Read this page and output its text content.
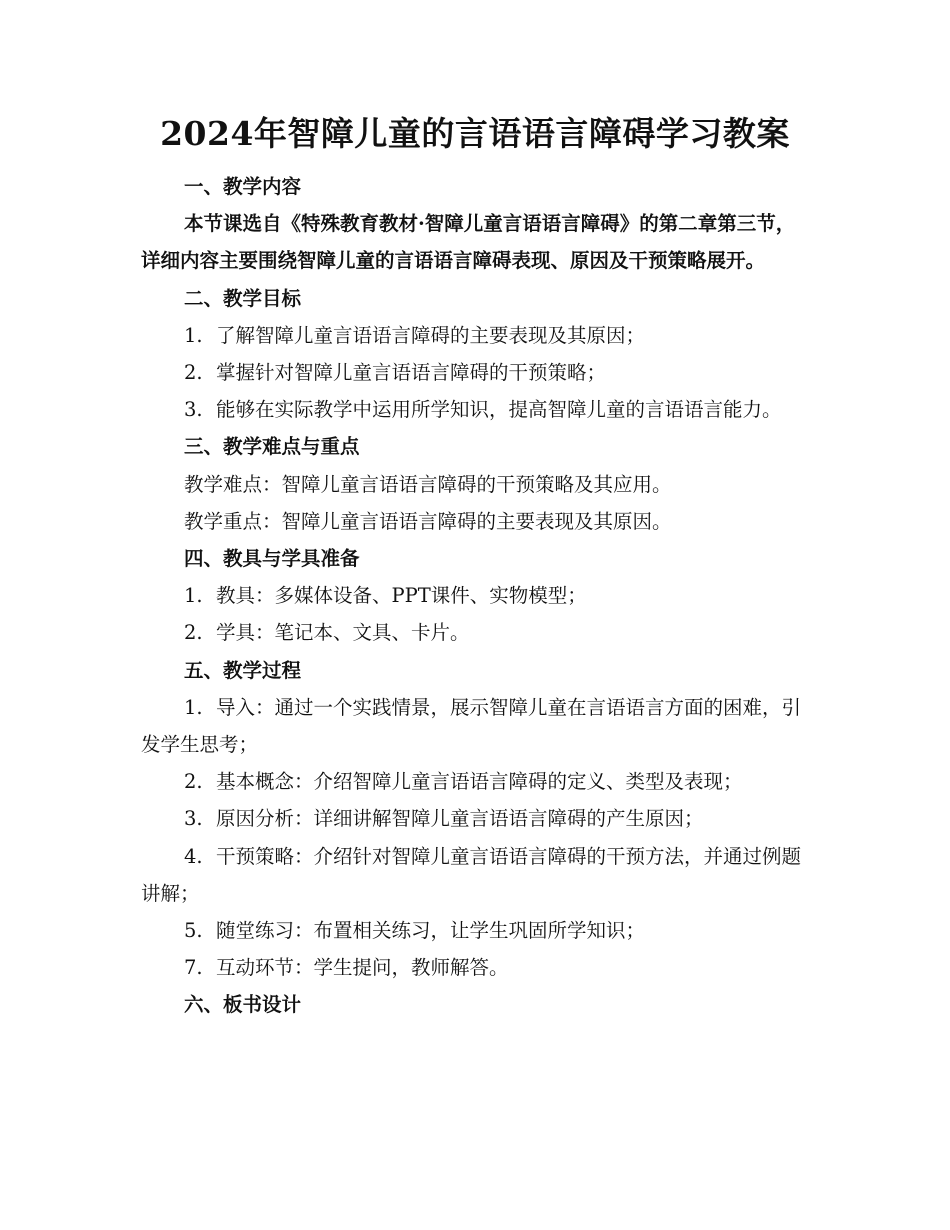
2024年智障儿童的言语语言障碍学习教案

一、教学内容

本节课选自《特殊教育教材·智障儿童言语语言障碍》的第二章第三节，详细内容主要围绕智障儿童的言语语言障碍表现、原因及干预策略展开。

二、教学目标

1. 了解智障儿童言语语言障碍的主要表现及其原因；

2. 掌握针对智障儿童言语语言障碍的干预策略；

3. 能够在实际教学中运用所学知识，提高智障儿童的言语语言能力。

三、教学难点与重点

教学难点：智障儿童言语语言障碍的干预策略及其应用。

教学重点：智障儿童言语语言障碍的主要表现及其原因。

四、教具与学具准备

1. 教具：多媒体设备、PPT课件、实物模型；

2. 学具：笔记本、文具、卡片。

五、教学过程

1. 导入：通过一个实践情景，展示智障儿童在言语语言方面的困难，引发学生思考；

2. 基本概念：介绍智障儿童言语语言障碍的定义、类型及表现；

3. 原因分析：详细讲解智障儿童言语语言障碍的产生原因；

4. 干预策略：介绍针对智障儿童言语语言障碍的干预方法，并通过例题讲解；

5. 随堂练习：布置相关练习，让学生巩固所学知识；

7. 互动环节：学生提问，教师解答。

六、板书设计
